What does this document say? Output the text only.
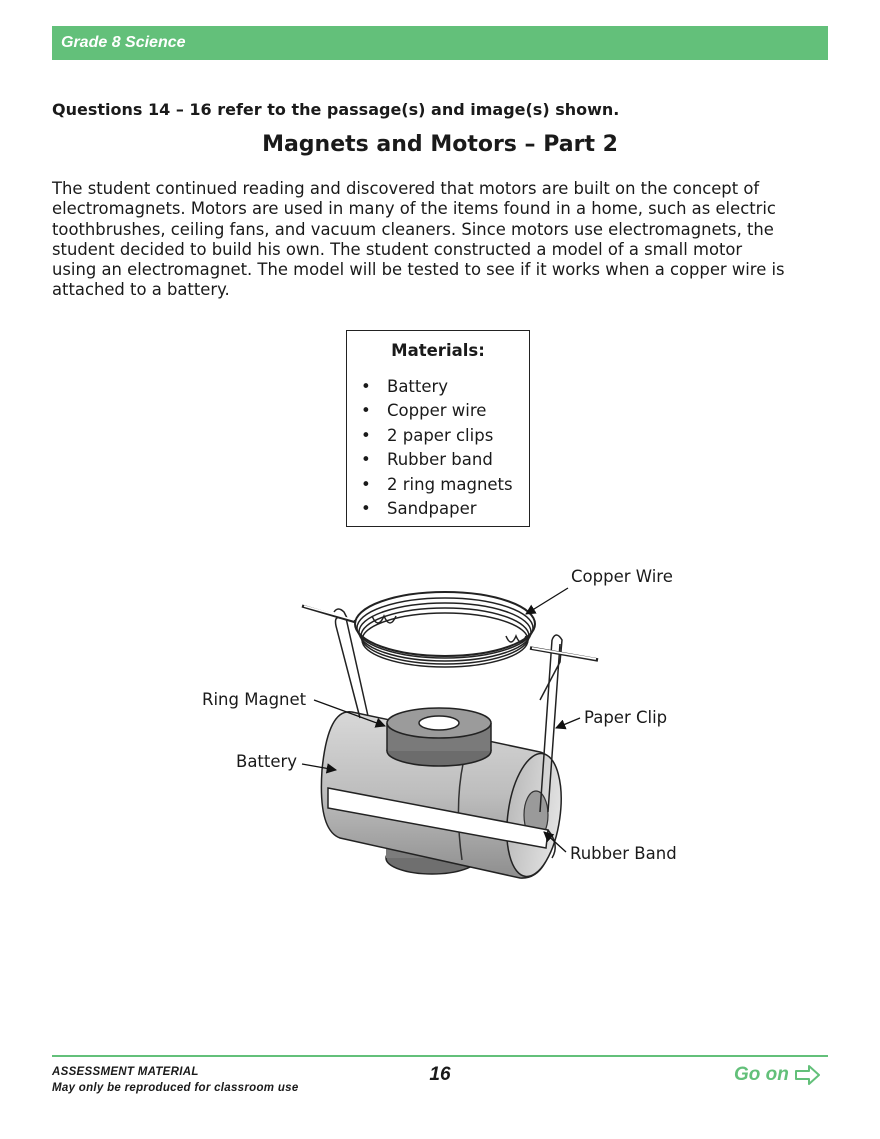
Grade 8 Science
Questions 14 – 16 refer to the passage(s) and image(s) shown.
Magnets and Motors – Part 2
The student continued reading and discovered that motors are built on the concept of
electromagnets. Motors are used in many of the items found in a home, such as electric
toothbrushes, ceiling fans, and vacuum cleaners. Since motors use electromagnets, the
student decided to build his own. The student constructed a model of a small motor
using an electromagnet. The model will be tested to see if it works when a copper wire is
attached to a battery.
Materials:
• Battery
• Copper wire
• 2 paper clips
• Rubber band
• 2 ring magnets
• Sandpaper
Copper Wire
Ring Magnet
Paper Clip
Battery
Rubber Band
ASSESSMENT MATERIAL
May only be reproduced for classroom use
16	Go on
